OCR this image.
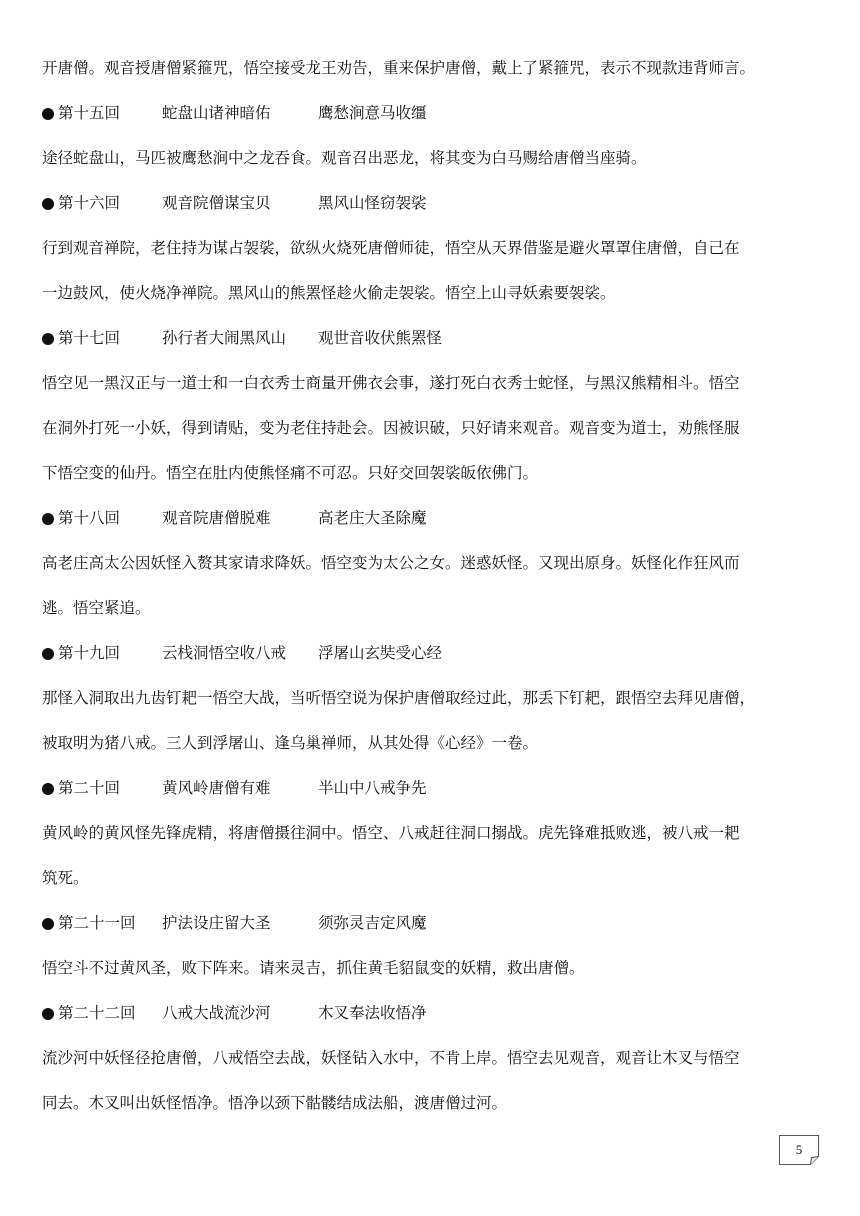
开唐僧。观音授唐僧紧箍咒，悟空接受龙王劝告，重来保护唐僧，戴上了紧箍咒，表示不现款违背师言。
第十五回	蛇盘山诸神暗佑	鹰愁涧意马收缰
途径蛇盘山，马匹被鹰愁涧中之龙吞食。观音召出恶龙，将其变为白马赐给唐僧当座骑。
第十六回	观音院僧谋宝贝	黑风山怪窃袈裟
行到观音禅院，老住持为谋占袈裟，欲纵火烧死唐僧师徒，悟空从天界借鉴是避火罩罩住唐僧，自己在
一边鼓风，使火烧净禅院。黑风山的熊罴怪趁火偷走袈裟。悟空上山寻妖索要袈裟。
第十七回	孙行者大闹黑风山	观世音收伏熊罴怪
悟空见一黑汉正与一道士和一白衣秀士商量开佛衣会事，遂打死白衣秀士蛇怪，与黑汉熊精相斗。悟空
在洞外打死一小妖，得到请贴，变为老住持赴会。因被识破，只好请来观音。观音变为道士，劝熊怪服
下悟空变的仙丹。悟空在肚内使熊怪痛不可忍。只好交回袈裟皈依佛门。
第十八回	观音院唐僧脱难	高老庄大圣除魔
高老庄高太公因妖怪入赘其家请求降妖。悟空变为太公之女。迷惑妖怪。又现出原身。妖怪化作狂风而
逃。悟空紧追。
第十九回	云栈洞悟空收八戒	浮屠山玄奘受心经
那怪入洞取出九齿钉耙一悟空大战，当听悟空说为保护唐僧取经过此，那丢下钉耙，跟悟空去拜见唐僧，
被取明为猪八戒。三人到浮屠山、逢乌巢禅师，从其处得《心经》一卷。
第二十回	黄风岭唐僧有难	半山中八戒争先
黄风岭的黄风怪先锋虎精，将唐僧摄往洞中。悟空、八戒赶往洞口搦战。虎先锋难抵败逃，被八戒一耙
筑死。
第二十一回	护法设庄留大圣	须弥灵吉定风魔
悟空斗不过黄风圣，败下阵来。请来灵吉，抓住黄毛貂鼠变的妖精，救出唐僧。
第二十二回	八戒大战流沙河	木叉奉法收悟净
流沙河中妖怪径抢唐僧，八戒悟空去战，妖怪钻入水中，不肯上岸。悟空去见观音，观音让木叉与悟空
同去。木叉叫出妖怪悟净。悟净以颈下骷髅结成法船，渡唐僧过河。
5
